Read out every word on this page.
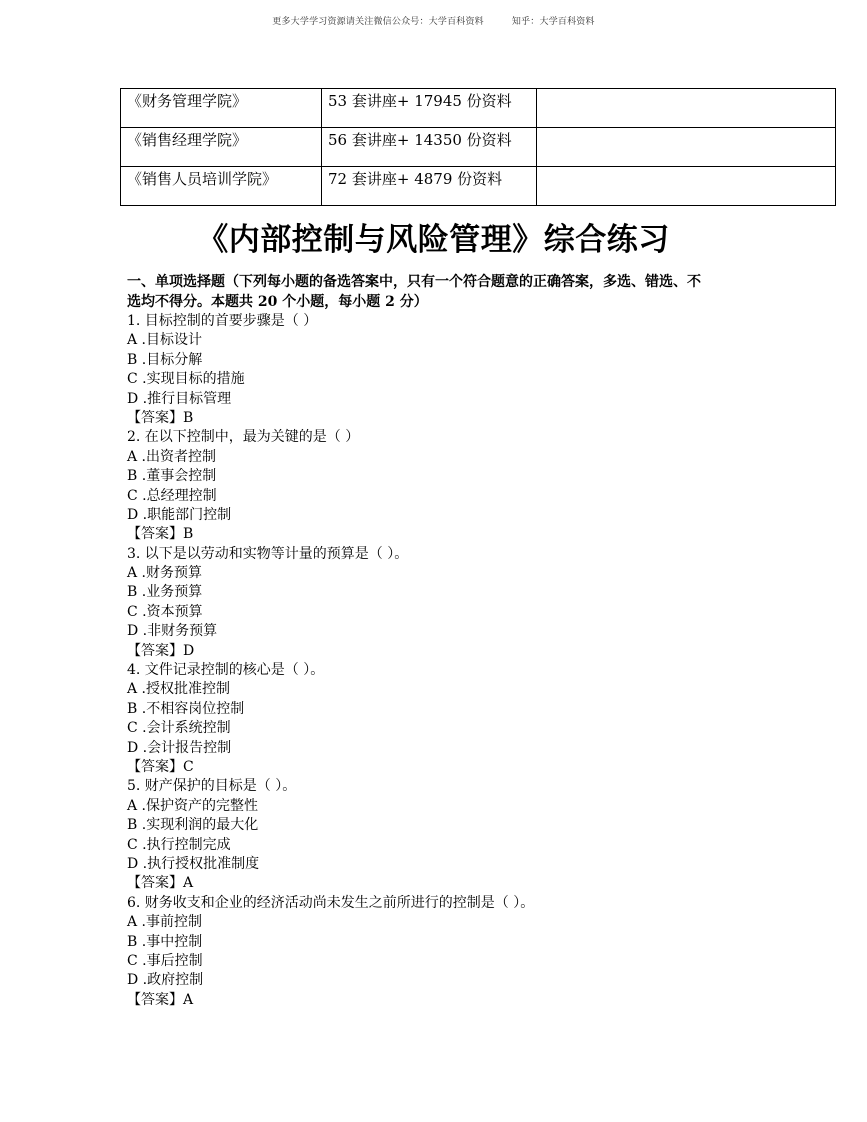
更多大学学习资源请关注微信公众号：大学百科资料	知乎：大学百科资料
《财务管理学院》	53 套讲座+ 17945 份资料	
《销售经理学院》	56 套讲座+ 14350 份资料	
《销售人员培训学院》	72 套讲座+ 4879 份资料	
《内部控制与风险管理》综合练习
一、单项选择题（下列每小题的备选答案中，只有一个符合题意的正确答案，多选、错选、不
选均不得分。本题共 20 个小题，每小题 2 分）
1. 目标控制的首要步骤是（ ）
A .目标设计
B .目标分解
C .实现目标的措施
D .推行目标管理
【答案】B
2. 在以下控制中，最为关键的是（ ）
A .出资者控制
B .董事会控制
C .总经理控制
D .职能部门控制
【答案】B
3. 以下是以劳动和实物等计量的预算是（ ）。
A .财务预算
B .业务预算
C .资本预算
D .非财务预算
【答案】D
4. 文件记录控制的核心是（ ）。
A .授权批准控制
B .不相容岗位控制
C .会计系统控制
D .会计报告控制
【答案】C
5. 财产保护的目标是（ ）。
A .保护资产的完整性
B .实现利润的最大化
C .执行控制完成
D .执行授权批准制度
【答案】A
6. 财务收支和企业的经济活动尚未发生之前所进行的控制是（ ）。
A .事前控制
B .事中控制
C .事后控制
D .政府控制
【答案】A
